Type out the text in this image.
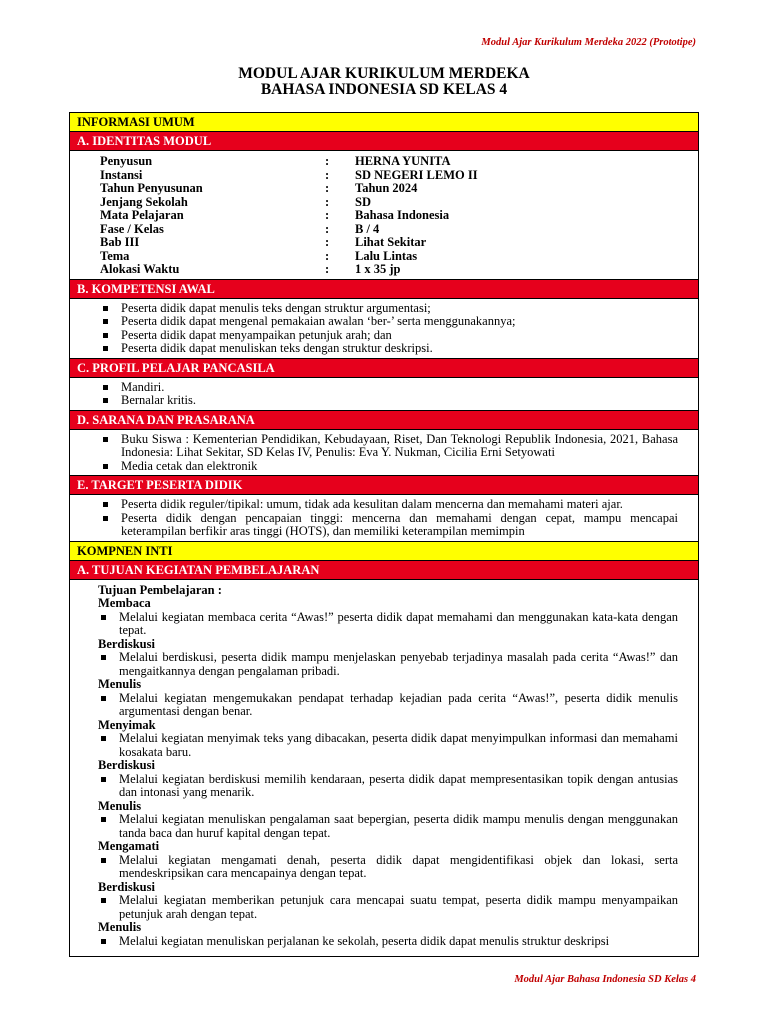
Modul Ajar Kurikulum Merdeka 2022 (Prototipe)
MODUL AJAR KURIKULUM MERDEKA
BAHASA INDONESIA SD KELAS 4
INFORMASI UMUM
A. IDENTITAS MODUL
Penyusun	:	HERNA YUNITA
Instansi	:	SD NEGERI LEMO II
Tahun Penyusunan	:	Tahun 2024
Jenjang Sekolah	:	SD
Mata Pelajaran	:	Bahasa Indonesia
Fase / Kelas	:	B / 4
Bab III	:	Lihat Sekitar
Tema	:	Lalu Lintas
Alokasi Waktu	:	1 x 35 jp
B. KOMPETENSI AWAL
Peserta didik dapat menulis teks dengan struktur argumentasi;
Peserta didik dapat mengenal pemakaian awalan ‘ber-’ serta menggunakannya;
Peserta didik dapat menyampaikan petunjuk arah; dan
Peserta didik dapat menuliskan teks dengan struktur deskripsi.
C. PROFIL PELAJAR PANCASILA
Mandiri.
Bernalar kritis.
D. SARANA DAN PRASARANA
Buku Siswa : Kementerian Pendidikan, Kebudayaan, Riset, Dan Teknologi Republik Indonesia, 2021, Bahasa Indonesia: Lihat Sekitar, SD Kelas IV, Penulis: Eva Y. Nukman, Cicilia Erni Setyowati
Media cetak dan elektronik
E. TARGET PESERTA DIDIK
Peserta didik reguler/tipikal: umum, tidak ada kesulitan dalam mencerna dan memahami materi ajar.
Peserta didik dengan pencapaian tinggi: mencerna dan memahami dengan cepat, mampu mencapai keterampilan berfikir aras tinggi (HOTS), dan memiliki keterampilan memimpin
KOMPNEN INTI
A. TUJUAN KEGIATAN PEMBELAJARAN
Tujuan Pembelajaran :
Membaca
Melalui kegiatan membaca cerita “Awas!” peserta didik dapat memahami dan menggunakan kata-kata dengan tepat.
Berdiskusi
Melalui berdiskusi, peserta didik mampu menjelaskan penyebab terjadinya masalah pada cerita “Awas!” dan mengaitkannya dengan pengalaman pribadi.
Menulis
Melalui kegiatan mengemukakan pendapat terhadap kejadian pada cerita “Awas!”, peserta didik menulis argumentasi dengan benar.
Menyimak
Melalui kegiatan menyimak teks yang dibacakan, peserta didik dapat menyimpulkan informasi dan memahami kosakata baru.
Berdiskusi
Melalui kegiatan berdiskusi memilih kendaraan, peserta didik dapat mempresentasikan topik dengan antusias dan intonasi yang menarik.
Menulis
Melalui kegiatan menuliskan pengalaman saat bepergian, peserta didik mampu menulis dengan menggunakan tanda baca dan huruf kapital dengan tepat.
Mengamati
Melalui kegiatan mengamati denah, peserta didik dapat mengidentifikasi objek dan lokasi, serta mendeskripsikan cara mencapainya dengan tepat.
Berdiskusi
Melalui kegiatan memberikan petunjuk cara mencapai suatu tempat, peserta didik mampu menyampaikan petunjuk arah dengan tepat.
Menulis
Melalui kegiatan menuliskan perjalanan ke sekolah, peserta didik dapat menulis struktur deskripsi
Modul Ajar Bahasa Indonesia SD Kelas 4
